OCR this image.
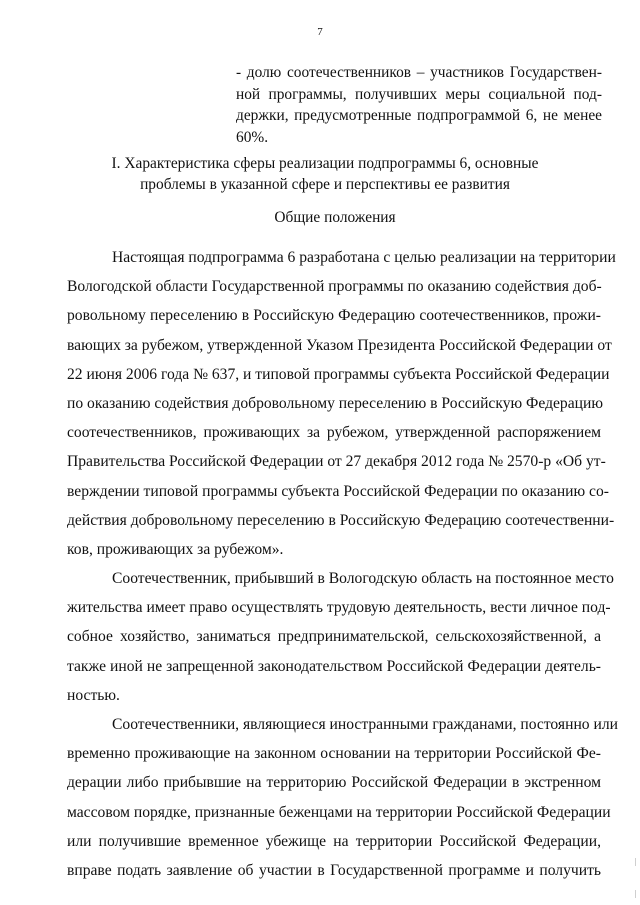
7
- долю соотечественников – участников Государствен-
ной программы, получивших меры социальной под-
держки, предусмотренные подпрограммой 6, не менее
60%.
I. Характеристика сферы реализации подпрограммы 6, основные
проблемы в указанной сфере и перспективы ее развития
Общие положения

Настоящая подпрограмма 6 разработана с целью реализации на территории
Вологодской области Государственной программы по оказанию содействия доб-
ровольному переселению в Российскую Федерацию соотечественников, прожи-
вающих за рубежом, утвержденной Указом Президента Российской Федерации от
22 июня 2006 года № 637, и типовой программы субъекта Российской Федерации
по оказанию содействия добровольному переселению в Российскую Федерацию
соотечественников, проживающих за рубежом, утвержденной распоряжением
Правительства Российской Федерации от 27 декабря 2012 года № 2570-р «Об ут-
верждении типовой программы субъекта Российской Федерации по оказанию со-
действия добровольному переселению в Российскую Федерацию соотечественни-
ков, проживающих за рубежом».

Соотечественник, прибывший в Вологодскую область на постоянное место
жительства имеет право осуществлять трудовую деятельность, вести личное под-
собное хозяйство, заниматься предпринимательской, сельскохозяйственной, а
также иной не запрещенной законодательством Российской Федерации деятель-
ностью.

Соотечественники, являющиеся иностранными гражданами, постоянно или
временно проживающие на законном основании на территории Российской Фе-
дерации либо прибывшие на территорию Российской Федерации в экстренном
массовом порядке, признанные беженцами на территории Российской Федерации
или получившие временное убежище на территории Российской Федерации,
вправе подать заявление об участии в Государственной программе и получить
